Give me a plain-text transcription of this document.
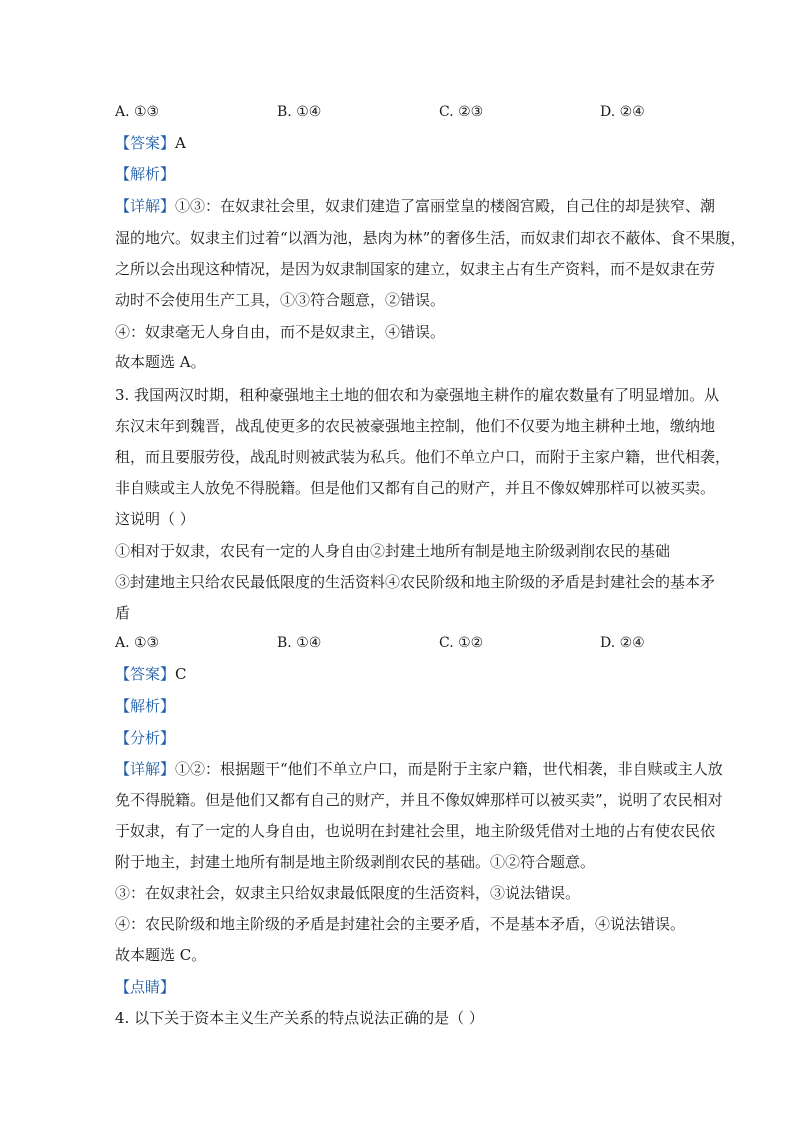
A. ①③	B. ①④	C. ②③	D. ②④
【答案】A
【解析】
【详解】①③：在奴隶社会里，奴隶们建造了富丽堂皇的楼阁宫殿，自己住的却是狭窄、潮
湿的地穴。奴隶主们过着“以酒为池，悬肉为林”的奢侈生活，而奴隶们却衣不蔽体、食不果腹，
之所以会出现这种情况，是因为奴隶制国家的建立，奴隶主占有生产资料，而不是奴隶在劳
动时不会使用生产工具，①③符合题意，②错误。
④：奴隶毫无人身自由，而不是奴隶主，④错误。
故本题选 A。
3. 我国两汉时期，租种豪强地主土地的佃农和为豪强地主耕作的雇农数量有了明显增加。从
东汉末年到魏晋，战乱使更多的农民被豪强地主控制，他们不仅要为地主耕种土地，缴纳地
租，而且要服劳役，战乱时则被武装为私兵。他们不单立户口，而附于主家户籍，世代相袭，
非自赎或主人放免不得脱籍。但是他们又都有自己的财产，并且不像奴婢那样可以被买卖。
这说明（ ）
①相对于奴隶，农民有一定的人身自由②封建土地所有制是地主阶级剥削农民的基础
③封建地主只给农民最低限度的生活资料④农民阶级和地主阶级的矛盾是封建社会的基本矛
盾
A. ①③	B. ①④	C. ①②	D. ②④
【答案】C
【解析】
【分析】
【详解】①②：根据题干“他们不单立户口，而是附于主家户籍，世代相袭，非自赎或主人放
免不得脱籍。但是他们又都有自己的财产，并且不像奴婢那样可以被买卖”，说明了农民相对
于奴隶，有了一定的人身自由，也说明在封建社会里，地主阶级凭借对土地的占有使农民依
附于地主，封建土地所有制是地主阶级剥削农民的基础。①②符合题意。
③：在奴隶社会，奴隶主只给奴隶最低限度的生活资料，③说法错误。
④：农民阶级和地主阶级的矛盾是封建社会的主要矛盾，不是基本矛盾，④说法错误。
故本题选 C。
【点睛】
4. 以下关于资本主义生产关系的特点说法正确的是（ ）
